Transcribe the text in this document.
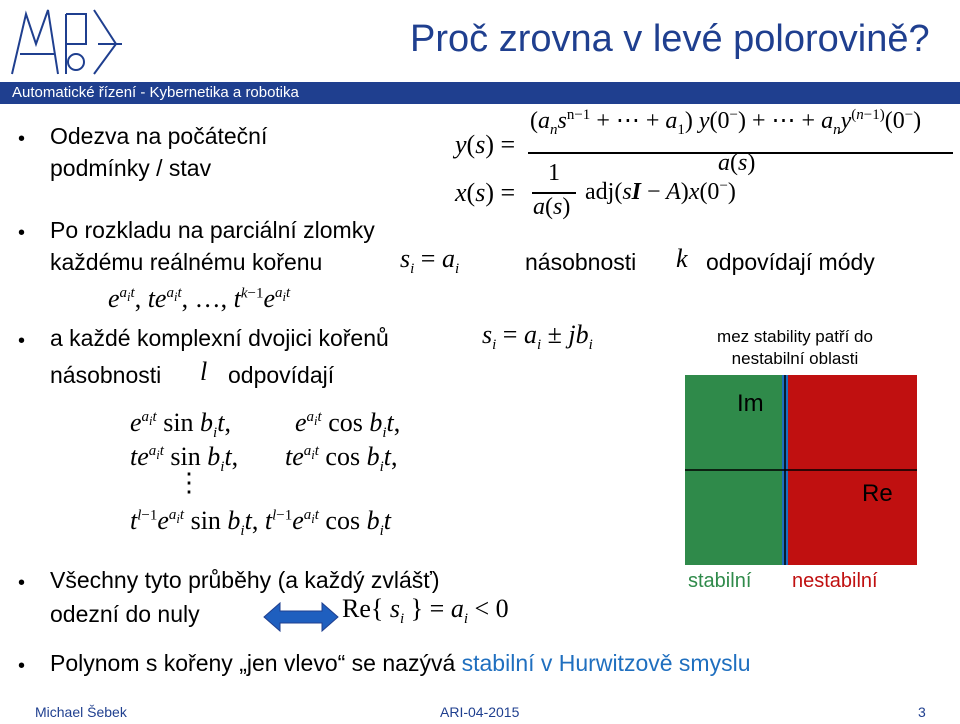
Proč zrovna v levé polorovině?
Automatické řízení - Kybernetika a robotika
• Odezva na počáteční
podmínky / stav
y(s) =
($a_ns^{n-1}$ + ⋯ + $a_1$) y(0−) + ⋯ + $a_ny^{(n-1)}(0^-)$
a(s)
x(s) =
1
a(s)
adj(sI − A)x(0−)
• Po rozkladu na parciální zlomky
každému reálnému kořenu	$s_i = a_i$	násobnosti k odpovídají módy
$e^{a_it}$, $te^{a_it}$, …, $t^{k-1}e^{a_it}$
• a každé komplexní dvojici kořenů	$s_i = a_i \pm jb_i$
násobnosti l odpovídají
$e^{a_it}$ $\sin b_it$, $e^{a_it}$ $\cos b_it$,
$te^{a_it}$ $\sin b_it$, $te^{a_it}$ $\cos b_it$,
⋮
$t^{l-1}e^{a_it}$ $\sin b_it$, $t^{l-1}e^{a_it}$ $\cos b_it$
mez stability patří do
nestabilní oblasti
Im
Re
stabilní nestabilní
• Všechny tyto průběhy (a každý zvlášť)
odezní do nuly	Re{ $s_i$ } = $a_i < 0$
• Polynom s kořeny „jen vlevo“ se nazývá stabilní v Hurwitzově smyslu
Michael Šebek	ARI-04-2015	3
